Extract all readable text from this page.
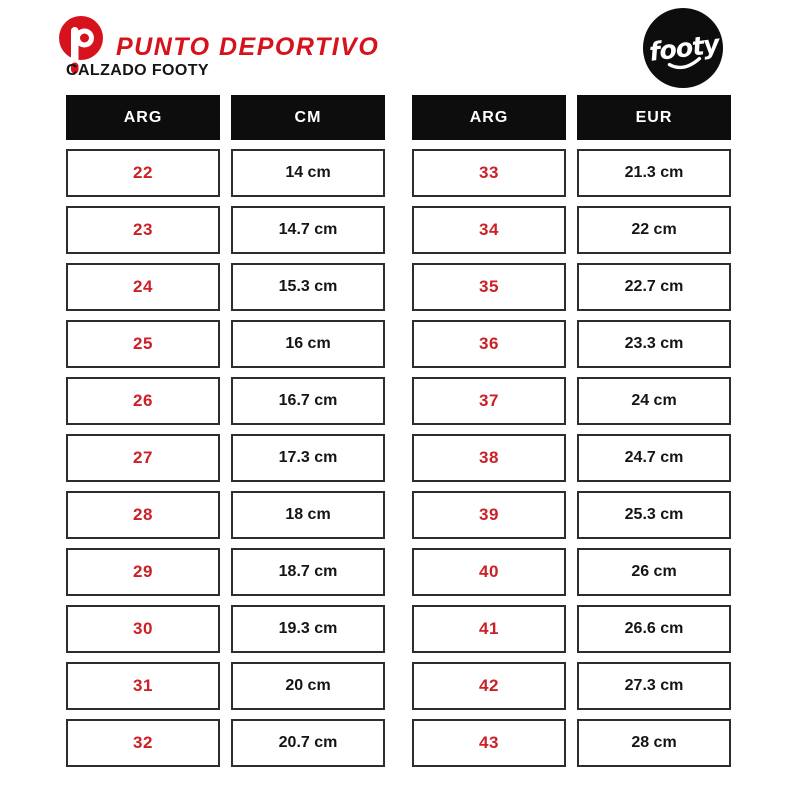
PUNTO DEPORTIVO
CALZADO FOOTY
footy
ARG	CM
22	14 cm
23	14.7 cm
24	15.3 cm
25	16 cm
26	16.7 cm
27	17.3 cm
28	18 cm
29	18.7 cm
30	19.3 cm
31	20 cm
32	20.7 cm
ARG	EUR
33	21.3 cm
34	22 cm
35	22.7 cm
36	23.3 cm
37	24 cm
38	24.7 cm
39	25.3 cm
40	26 cm
41	26.6 cm
42	27.3 cm
43	28 cm
